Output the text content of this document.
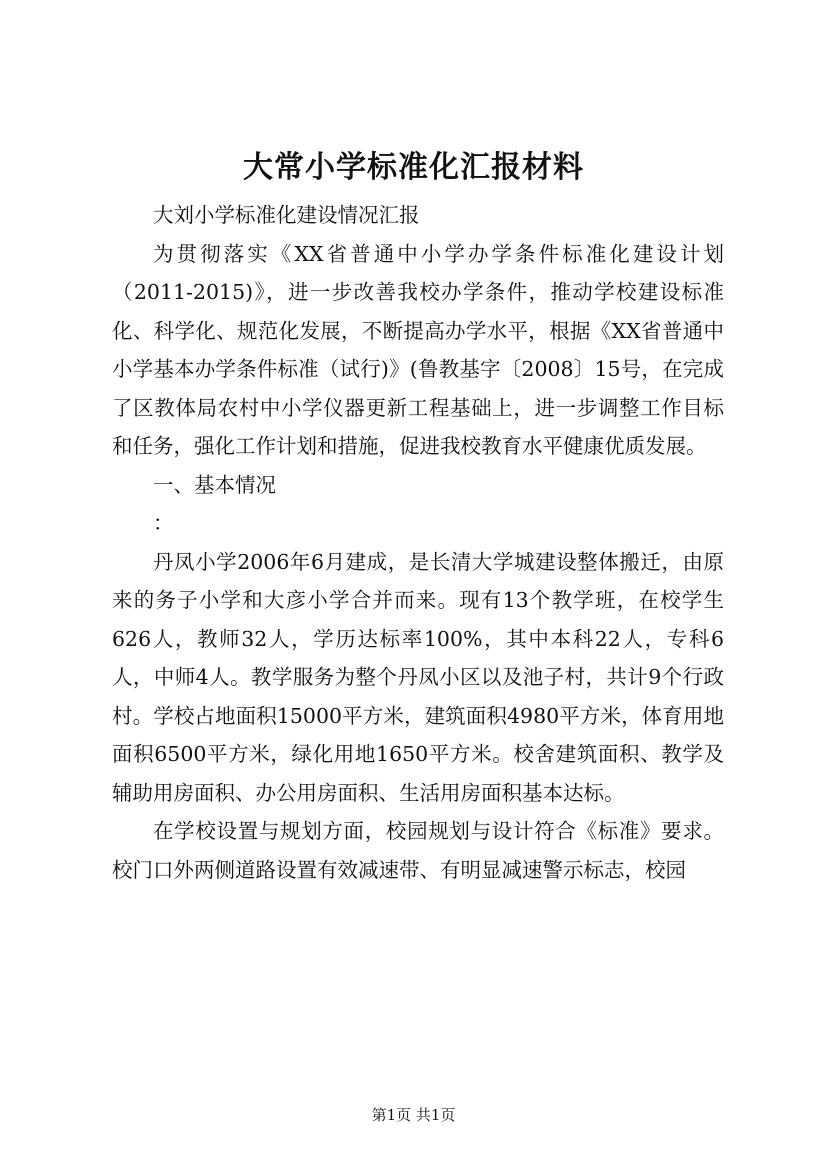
大常小学标准化汇报材料

大刘小学标准化建设情况汇报

为贯彻落实《XX省普通中小学办学条件标准化建设计划（2011-2015)》，进一步改善我校办学条件，推动学校建设标准化、科学化、规范化发展，不断提高办学水平，根据《XX省普通中小学基本办学条件标准（试行)》(鲁教基字〔2008〕15号，在完成了区教体局农村中小学仪器更新工程基础上，进一步调整工作目标和任务，强化工作计划和措施，促进我校教育水平健康优质发展。

一、基本情况

：

丹凤小学2006年6月建成，是长清大学城建设整体搬迁，由原来的务子小学和大彦小学合并而来。现有13个教学班，在校学生626人，教师32人，学历达标率100%，其中本科22人，专科6人，中师4人。教学服务为整个丹凤小区以及池子村，共计9个行政村。学校占地面积15000平方米，建筑面积4980平方米，体育用地面积6500平方米，绿化用地1650平方米。校舍建筑面积、教学及辅助用房面积、办公用房面积、生活用房面积基本达标。

在学校设置与规划方面，校园规划与设计符合《标准》要求。校门口外两侧道路设置有效减速带、有明显减速警示标志，校园

第1页 共1页
